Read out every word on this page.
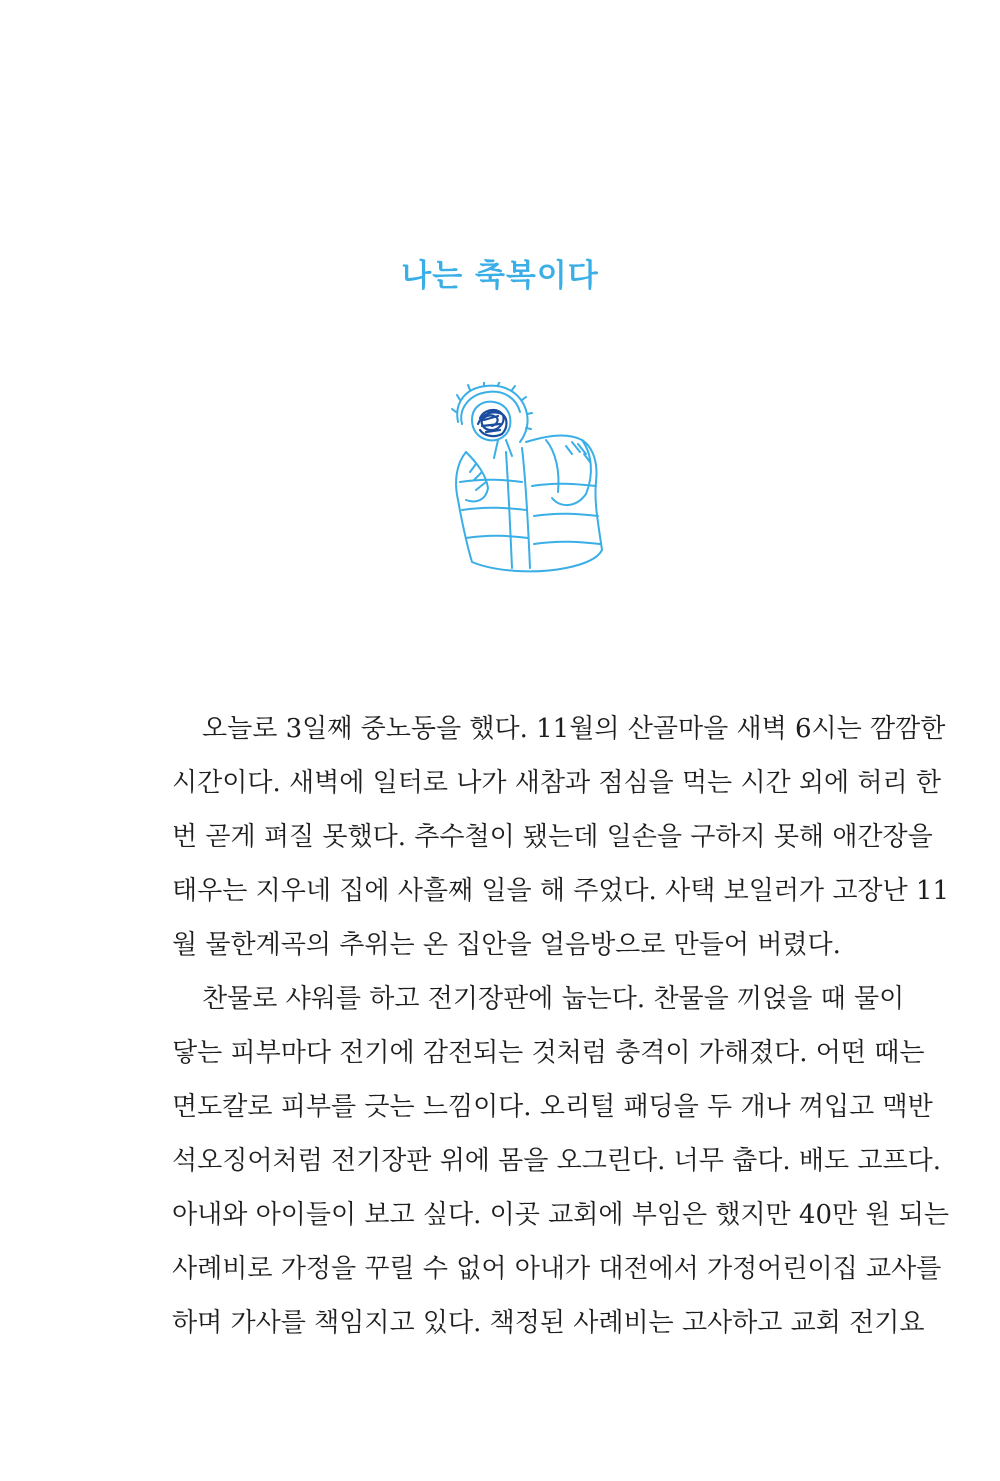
나는 축복이다
오늘로 3일째 중노동을 했다. 11월의 산골마을 새벽 6시는 깜깜한
시간이다. 새벽에 일터로 나가 새참과 점심을 먹는 시간 외에 허리 한
번 곧게 펴질 못했다. 추수철이 됐는데 일손을 구하지 못해 애간장을
태우는 지우네 집에 사흘째 일을 해 주었다. 사택 보일러가 고장난 11
월 물한계곡의 추위는 온 집안을 얼음방으로 만들어 버렸다.
찬물로 샤워를 하고 전기장판에 눕는다. 찬물을 끼얹을 때 물이
닿는 피부마다 전기에 감전되는 것처럼 충격이 가해졌다. 어떤 때는
면도칼로 피부를 긋는 느낌이다. 오리털 패딩을 두 개나 껴입고 맥반
석오징어처럼 전기장판 위에 몸을 오그린다. 너무 춥다. 배도 고프다.
아내와 아이들이 보고 싶다. 이곳 교회에 부임은 했지만 40만 원 되는
사례비로 가정을 꾸릴 수 없어 아내가 대전에서 가정어린이집 교사를
하며 가사를 책임지고 있다. 책정된 사례비는 고사하고 교회 전기요
